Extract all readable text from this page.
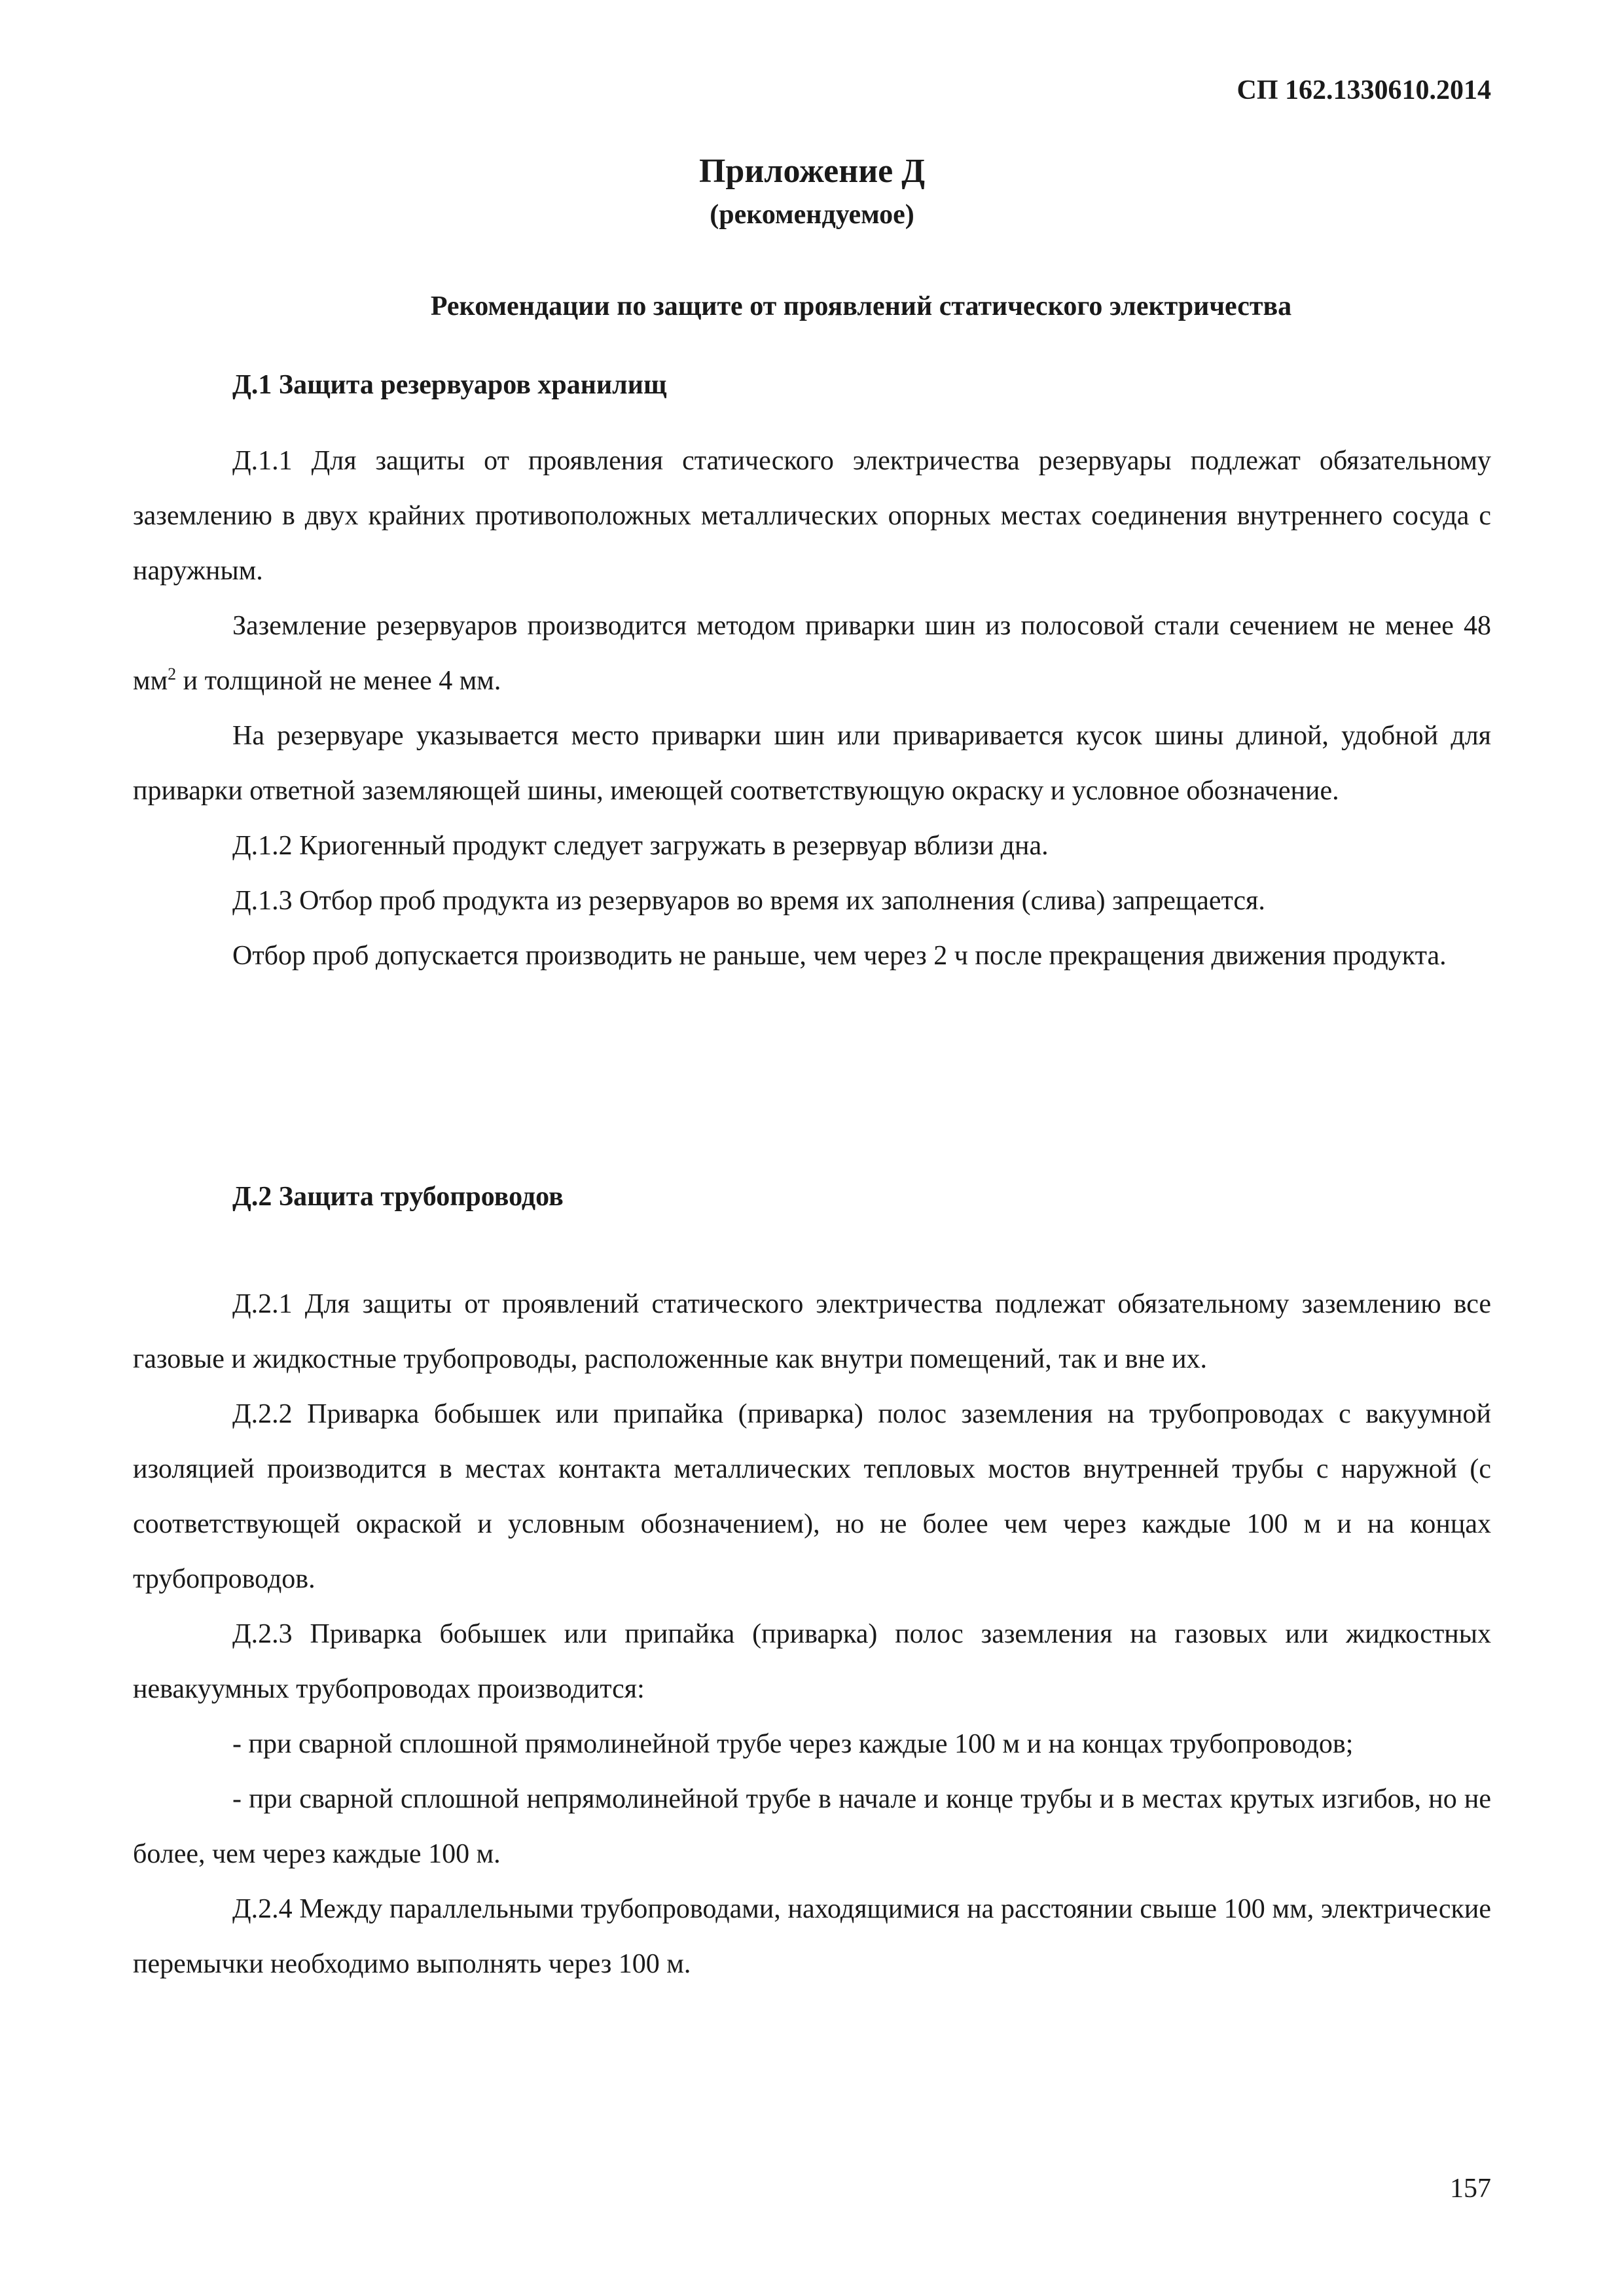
СП 162.1330610.2014
Приложение Д
(рекомендуемое)
Рекомендации по защите от проявлений статического электричества
Д.1 Защита резервуаров хранилищ

Д.1.1 Для защиты от проявления статического электричества резервуары подлежат обязательному заземлению в двух крайних противоположных металлических опорных местах соединения внутреннего сосуда с наружным.

Заземление резервуаров производится методом приварки шин из полосовой стали сечением не менее 48 $мм^2$ и толщиной не менее 4 мм.

На резервуаре указывается место приварки шин или приваривается кусок шины длиной, удобной для приварки ответной заземляющей шины, имеющей соответствующую окраску и условное обозначение.

Д.1.2 Криогенный продукт следует загружать в резервуар вблизи дна.

Д.1.3 Отбор проб продукта из резервуаров во время их заполнения (слива) запрещается.

Отбор проб допускается производить не раньше, чем через 2 ч после прекращения движения продукта.

Д.2 Защита трубопроводов

Д.2.1 Для защиты от проявлений статического электричества подлежат обязательному заземлению все газовые и жидкостные трубопроводы, расположенные как внутри помещений, так и вне их.

Д.2.2 Приварка бобышек или припайка (приварка) полос заземления на трубопроводах с вакуумной изоляцией производится в местах контакта металлических тепловых мостов внутренней трубы с наружной (с соответствующей окраской и условным обозначением), но не более чем через каждые 100 м и на концах трубопроводов.

Д.2.3 Приварка бобышек или припайка (приварка) полос заземления на газовых или жидкостных невакуумных трубопроводах производится:

- при сварной сплошной прямолинейной трубе через каждые 100 м и на концах трубопроводов;

- при сварной сплошной непрямолинейной трубе в начале и конце трубы и в местах крутых изгибов, но не более, чем через каждые 100 м.

Д.2.4 Между параллельными трубопроводами, находящимися на расстоянии свыше 100 мм, электрические перемычки необходимо выполнять через 100 м.

157
